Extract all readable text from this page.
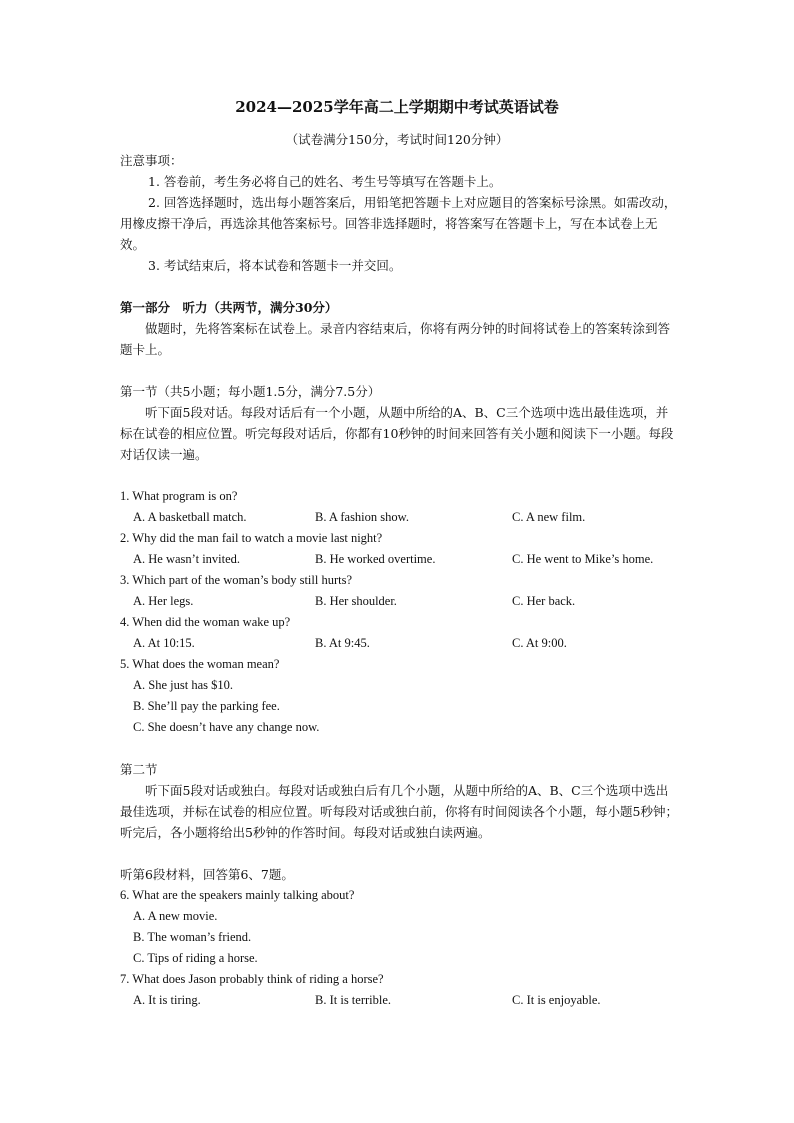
2024—2025学年高二上学期期中考试英语试卷
（试卷满分150分，考试时间120分钟）

注意事项：

1. 答卷前，考生务必将自己的姓名、考生号等填写在答题卡上。

2. 回答选择题时，选出每小题答案后，用铅笔把答题卡上对应题目的答案标号涂黑。如需改动，用橡皮擦干净后，再选涂其他答案标号。回答非选择题时，将答案写在答题卡上，写在本试卷上无效。

3. 考试结束后，将本试卷和答题卡一并交回。

第一部分　听力（共两节，满分30分）

做题时，先将答案标在试卷上。录音内容结束后，你将有两分钟的时间将试卷上的答案转涂到答题卡上。

第一节（共5小题；每小题1.5分，满分7.5分）

听下面5段对话。每段对话后有一个小题，从题中所给的A、B、C三个选项中选出最佳选项，并标在试卷的相应位置。听完每段对话后，你都有10秒钟的时间来回答有关小题和阅读下一小题。每段对话仅读一遍。

1. What program is on?

A. A basketball match.	B. A fashion show.	C. A new film.

2. Why did the man fail to watch a movie last night?

A. He wasn’t invited.	B. He worked overtime.	C. He went to Mike’s home.

3. Which part of the woman’s body still hurts?

A. Her legs.	B. Her shoulder.	C. Her back.

4. When did the woman wake up?

A. At 10:15.	B. At 9:45.	C. At 9:00.

5. What does the woman mean?

A. She just has $10.

B. She’ll pay the parking fee.

C. She doesn’t have any change now.

第二节

听下面5段对话或独白。每段对话或独白后有几个小题，从题中所给的A、B、C三个选项中选出最佳选项，并标在试卷的相应位置。听每段对话或独白前，你将有时间阅读各个小题，每小题5秒钟；听完后，各小题将给出5秒钟的作答时间。每段对话或独白读两遍。

听第6段材料，回答第6、7题。

6. What are the speakers mainly talking about?

A. A new movie.

B. The woman’s friend.

C. Tips of riding a horse.

7. What does Jason probably think of riding a horse?

A. It is tiring.	B. It is terrible.	C. It is enjoyable.
